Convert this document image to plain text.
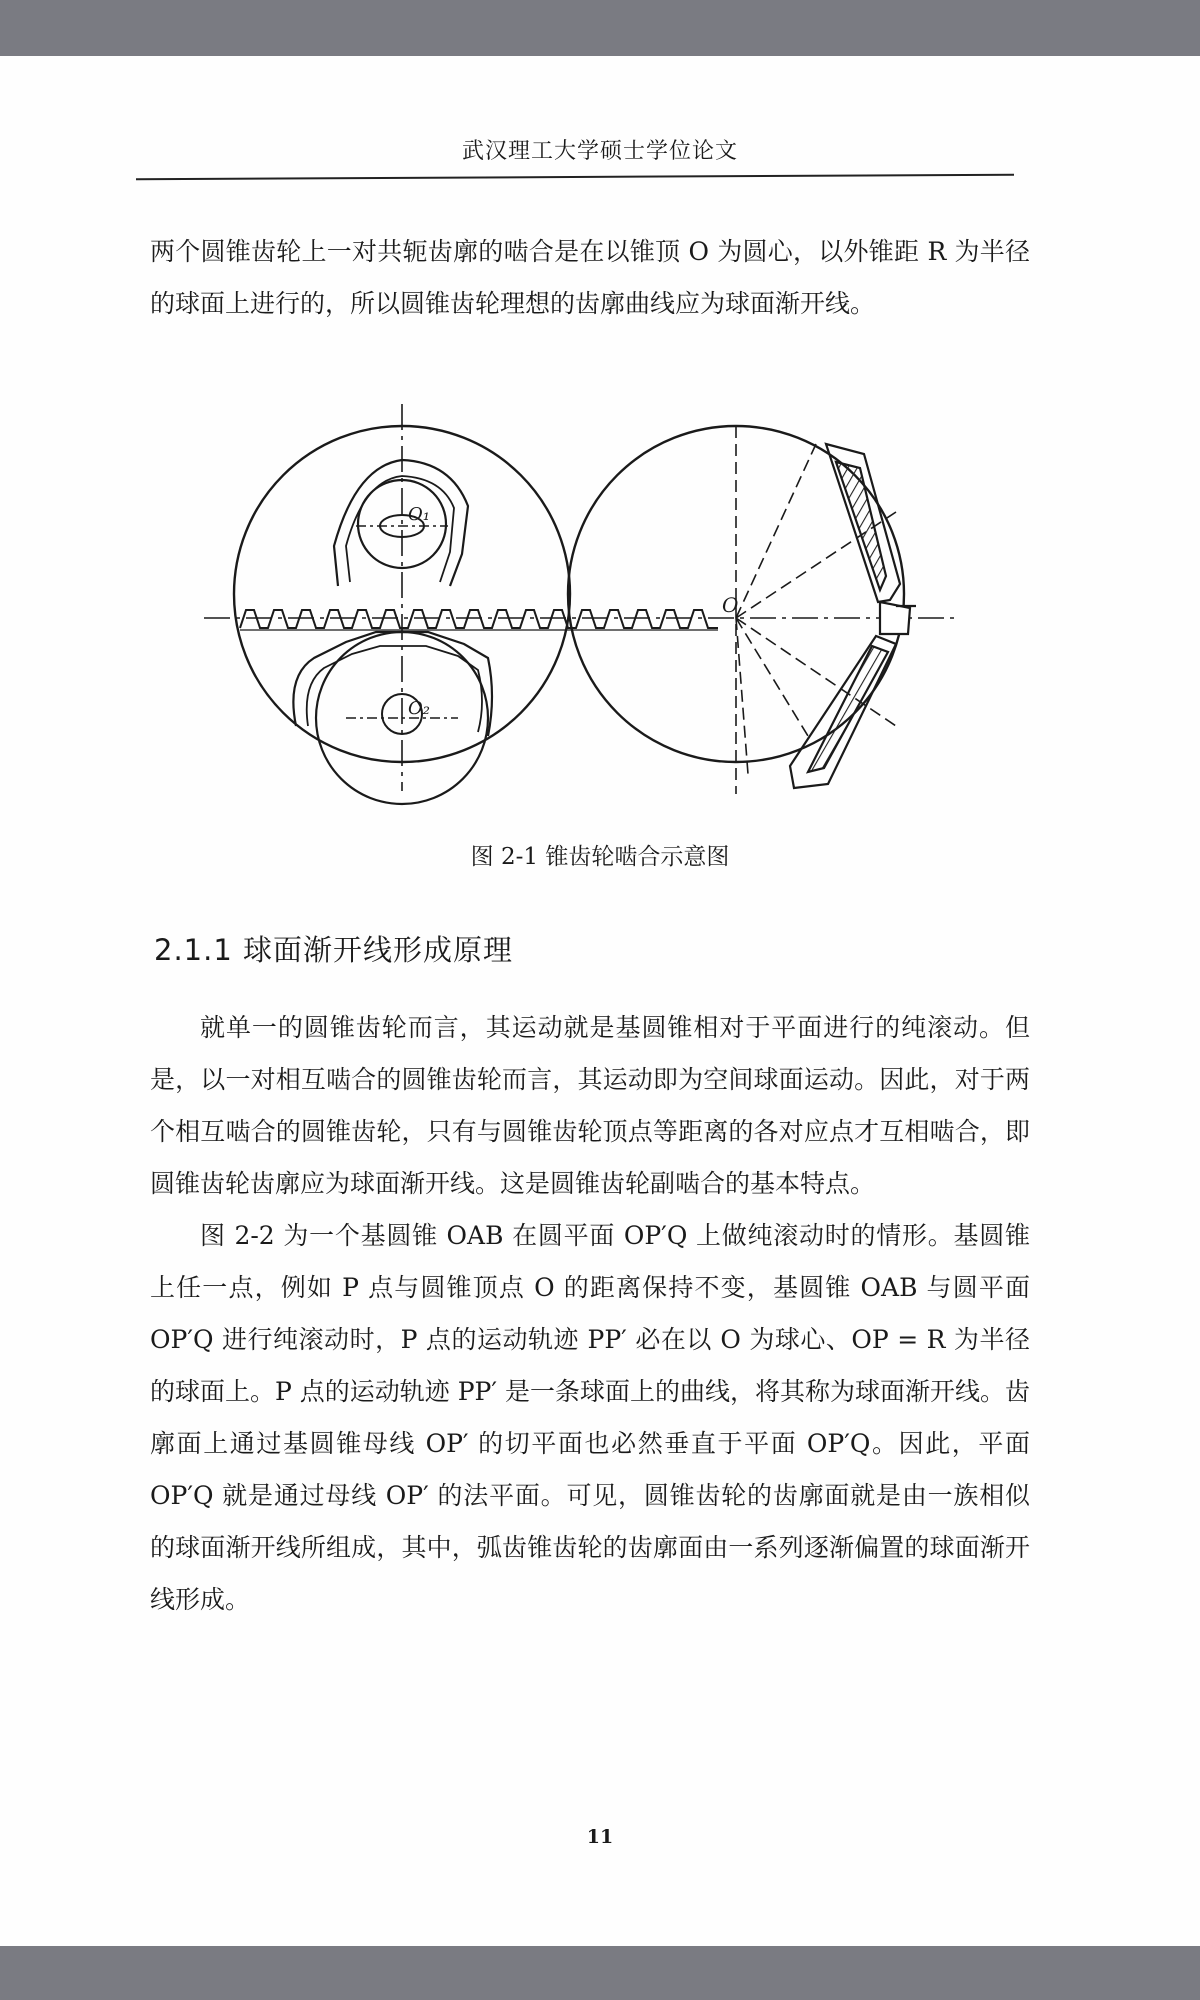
武汉理工大学硕士学位论文
两个圆锥齿轮上一对共轭齿廓的啮合是在以锥顶 O 为圆心，以外锥距 R 为半径的球面上进行的，所以圆锥齿轮理想的齿廓曲线应为球面渐开线。
O₁
O₂
O
图 2-1 锥齿轮啮合示意图
2.1.1 球面渐开线形成原理
就单一的圆锥齿轮而言，其运动就是基圆锥相对于平面进行的纯滚动。但是，以一对相互啮合的圆锥齿轮而言，其运动即为空间球面运动。因此，对于两个相互啮合的圆锥齿轮，只有与圆锥齿轮顶点等距离的各对应点才互相啮合，即圆锥齿轮齿廓应为球面渐开线。这是圆锥齿轮副啮合的基本特点。
图 2-2 为一个基圆锥 OAB 在圆平面 OP′Q 上做纯滚动时的情形。基圆锥上任一点，例如 P 点与圆锥顶点 O 的距离保持不变，基圆锥 OAB 与圆平面 OP′Q 进行纯滚动时，P 点的运动轨迹 PP′ 必在以 O 为球心、OP = R 为半径的球面上。P 点的运动轨迹 PP′ 是一条球面上的曲线，将其称为球面渐开线。齿廓面上通过基圆锥母线 OP′ 的切平面也必然垂直于平面 OP′Q。因此，平面 OP′Q 就是通过母线 OP′ 的法平面。可见，圆锥齿轮的齿廓面就是由一族相似的球面渐开线所组成，其中，弧齿锥齿轮的齿廓面由一系列逐渐偏置的球面渐开线形成。
11
